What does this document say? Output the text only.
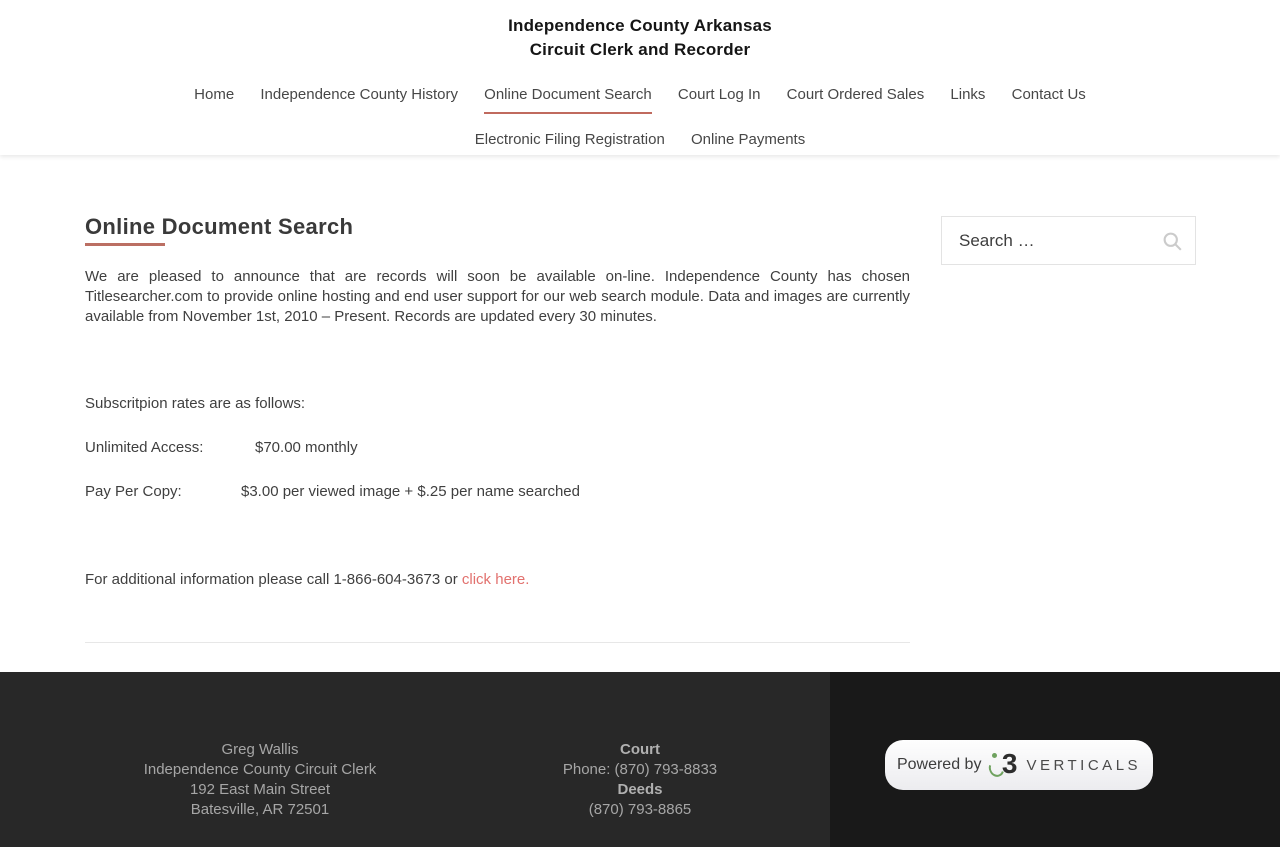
Independence County Arkansas
Circuit Clerk and Recorder
Home Independence County History Online Document Search Court Log In Court Ordered Sales Links Contact Us
Electronic Filing Registration Online Payments
Online Document Search

We are pleased to announce that are records will soon be available on-line. Independence County has chosen Titlesearcher.com to provide online hosting and end user support for our web search module. Data and images are currently available from November 1st, 2010 – Present. Records are updated every 30 minutes.

Subscritpion rates are as follows:
Unlimited Access:	$70.00 monthly
Pay Per Copy:	$3.00 per viewed image + $.25 per name searched
For additional information please call 1-866-604-3673 or click here.
Search …
Greg Wallis
Independence County Circuit Clerk
192 East Main Street
Batesville, AR 72501
Court
Phone: (870) 793-8833
Deeds
(870) 793-8865
Powered by 3 VERTICALS
